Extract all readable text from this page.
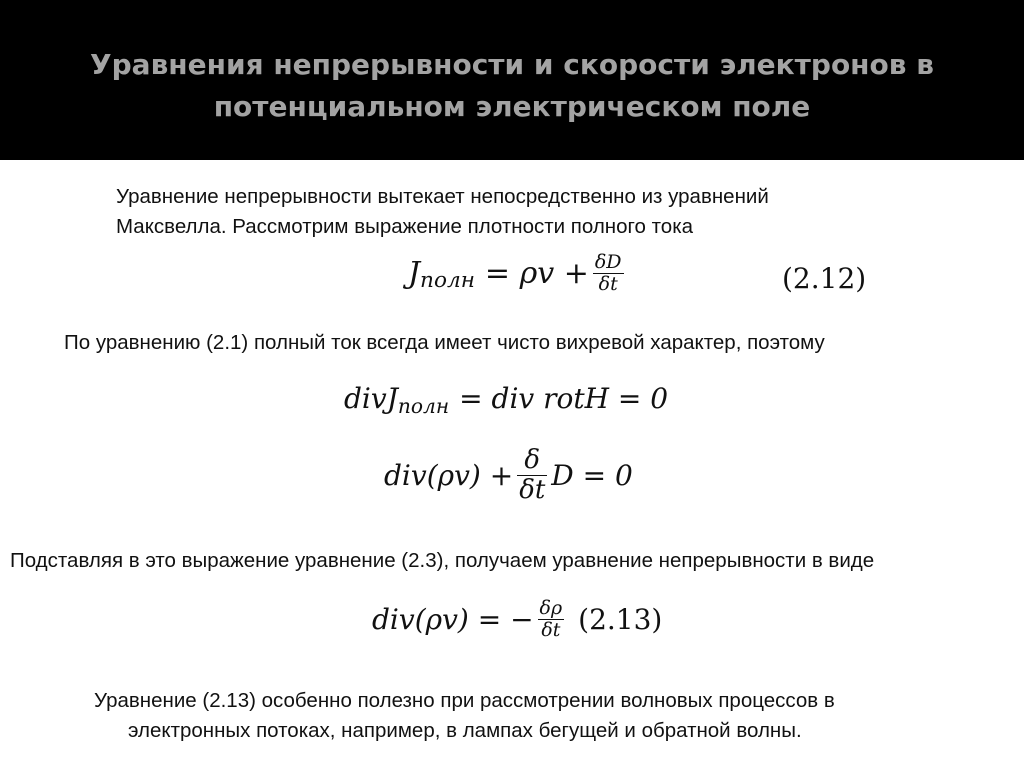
Уравнения непрерывности и скорости электронов в
потенциальном электрическом поле
Уравнение непрерывности вытекает непосредственно из уравнений
Максвелла. Рассмотрим выражение плотности полного тока
J полн = $\rho v + \frac{\delta D}{\delta t}$	(2.12)
По уравнению (2.1) полный ток всегда имеет чисто вихревой характер, поэтому
divJ полн = div rotH = 0
$div(\rho v) + \frac{\delta}{\delta t}$ D = 0
Подставляя в это выражение уравнение (2.3), получаем уравнение непрерывности в виде
div(ρv) = − $\frac{\delta\rho}{\delta t} (2.13)$
Уравнение (2.13) особенно полезно при рассмотрении волновых процессов в
электронных потоках, например, в лампах бегущей и обратной волны.
